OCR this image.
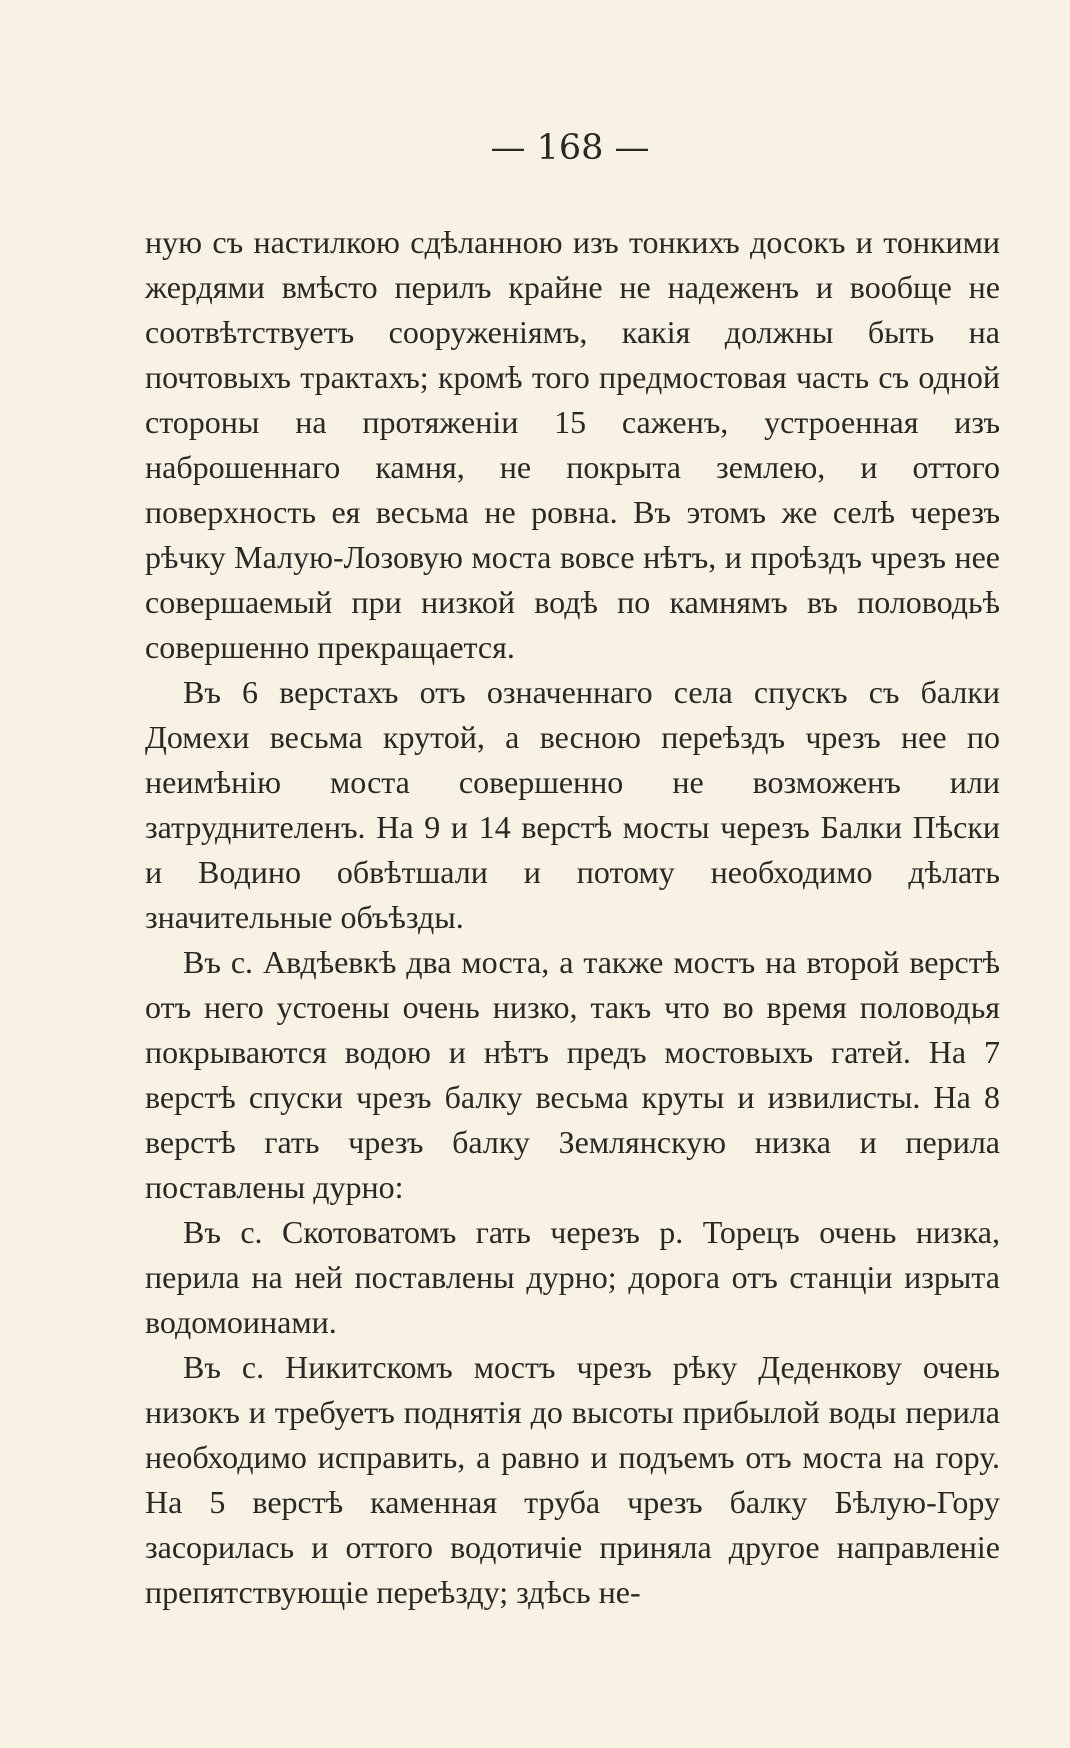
— 168 —

ную съ настилкою сдѣланною изъ тонкихъ досокъ и тонкими жердями вмѣсто перилъ крайне не надеженъ и вообще не соотвѣтствуетъ сооруженіямъ, какія должны быть на почтовыхъ трактахъ; кромѣ того предмостовая часть съ одной стороны на протяженіи 15 саженъ, устроенная изъ наброшеннаго камня, не покрыта землею, и оттого поверхность ея весьма не ровна. Въ этомъ же селѣ черезъ рѣчку Малую-Лозовую моста вовсе нѣтъ, и проѣздъ чрезъ нее совершаемый при низкой водѣ по камнямъ въ половодьѣ совершенно прекращается.

Въ 6 верстахъ отъ означеннаго села спускъ съ балки Домехи весьма крутой, а весною переѣздъ чрезъ нее по неимѣнію моста совершенно не возможенъ или затруднителенъ. На 9 и 14 верстѣ мосты черезъ Балки Пѣски и Водино обвѣтшали и потому необходимо дѣлать значительные объѣзды.

Въ с. Авдѣевкѣ два моста, а также мостъ на второй верстѣ отъ него устоены очень низко, такъ что во время половодья покрываются водою и нѣтъ предъ мостовыхъ гатей. На 7 верстѣ спуски чрезъ балку весьма круты и извилисты. На 8 верстѣ гать чрезъ балку Землянскую низка и перила поставлены дурно:

Въ с. Скотоватомъ гать черезъ р. Торецъ очень низка, перила на ней поставлены дурно; дорога отъ станціи изрыта водомоинами.

Въ с. Никитскомъ мостъ чрезъ рѣку Деденкову очень низокъ и требуетъ поднятія до высоты прибылой воды перила необходимо исправить, а равно и подъемъ отъ моста на гору. На 5 верстѣ каменная труба чрезъ балку Бѣлую-Гору засорилась и оттого водотичіе приняла другое направленіе препятствующіе переѣзду; здѣсь не-
